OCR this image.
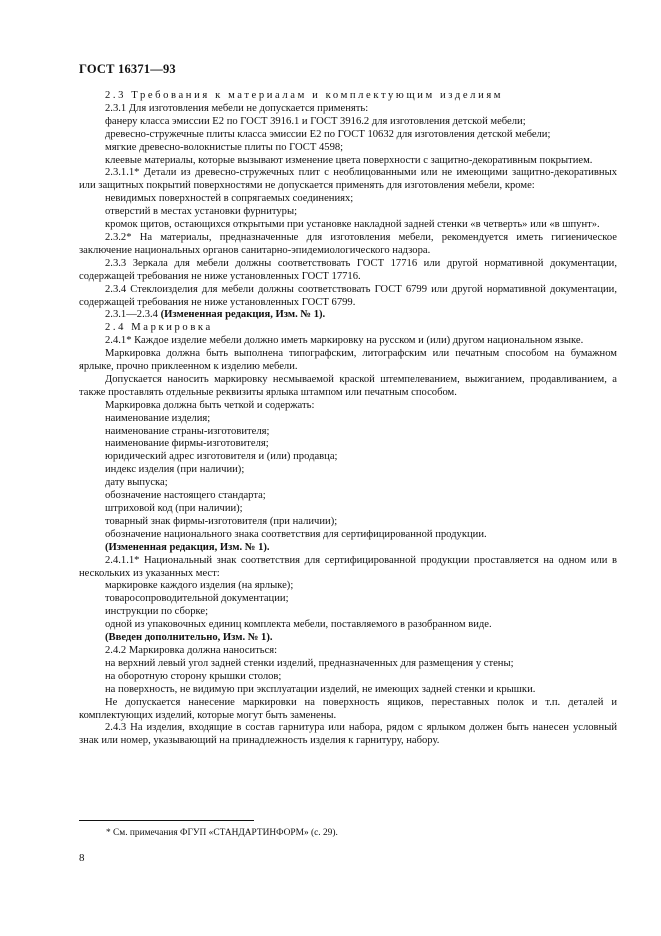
ГОСТ 16371—93

2.3 Требования к материалам и комплектующим изделиям

2.3.1 Для изготовления мебели не допускается применять:

фанеру класса эмиссии Е2 по ГОСТ 3916.1 и ГОСТ 3916.2 для изготовления детской мебели;

древесно-стружечные плиты класса эмиссии Е2 по ГОСТ 10632 для изготовления детской мебели;

мягкие древесно-волокнистые плиты по ГОСТ 4598;

клеевые материалы, которые вызывают изменение цвета поверхности с защитно-декоративным покрытием.

2.3.1.1* Детали из древесно-стружечных плит с необлицованными или не имеющими защитно-декоративных или защитных покрытий поверхностями не допускается применять для изготовления мебели, кроме:

невидимых поверхностей в сопрягаемых соединениях;

отверстий в местах установки фурнитуры;

кромок щитов, остающихся открытыми при установке накладной задней стенки «в четверть» или «в шпунт».

2.3.2* На материалы, предназначенные для изготовления мебели, рекомендуется иметь гигиеническое заключение национальных органов санитарно-эпидемиологического надзора.

2.3.3 Зеркала для мебели должны соответствовать ГОСТ 17716 или другой нормативной документации, содержащей требования не ниже установленных ГОСТ 17716.

2.3.4 Стеклоизделия для мебели должны соответствовать ГОСТ 6799 или другой нормативной документации, содержащей требования не ниже установленных ГОСТ 6799.

2.3.1—2.3.4 (Измененная редакция, Изм. № 1).

2.4 Маркировка

2.4.1* Каждое изделие мебели должно иметь маркировку на русском и (или) другом национальном языке.

Маркировка должна быть выполнена типографским, литографским или печатным способом на бумажном ярлыке, прочно приклеенном к изделию мебели.

Допускается наносить маркировку несмываемой краской штемпелеванием, выжиганием, продавливанием, а также проставлять отдельные реквизиты ярлыка штампом или печатным способом.

Маркировка должна быть четкой и содержать:

наименование изделия;

наименование страны-изготовителя;

наименование фирмы-изготовителя;

юридический адрес изготовителя и (или) продавца;

индекс изделия (при наличии);

дату выпуска;

обозначение настоящего стандарта;

штриховой код (при наличии);

товарный знак фирмы-изготовителя (при наличии);

обозначение национального знака соответствия для сертифицированной продукции.

(Измененная редакция, Изм. № 1).

2.4.1.1* Национальный знак соответствия для сертифицированной продукции проставляется на одном или в нескольких из указанных мест:

маркировке каждого изделия (на ярлыке);

товаросопроводительной документации;

инструкции по сборке;

одной из упаковочных единиц комплекта мебели, поставляемого в разобранном виде.

(Введен дополнительно, Изм. № 1).

2.4.2 Маркировка должна наноситься:

на верхний левый угол задней стенки изделий, предназначенных для размещения у стены;

на оборотную сторону крышки столов;

на поверхность, не видимую при эксплуатации изделий, не имеющих задней стенки и крышки.

Не допускается нанесение маркировки на поверхность ящиков, переставных полок и т.п. деталей и комплектующих изделий, которые могут быть заменены.

2.4.3 На изделия, входящие в состав гарнитура или набора, рядом с ярлыком должен быть нанесен условный знак или номер, указывающий на принадлежность изделия к гарнитуру, набору.

* См. примечания ФГУП «СТАНДАРТИНФОРМ» (с. 29).
8
